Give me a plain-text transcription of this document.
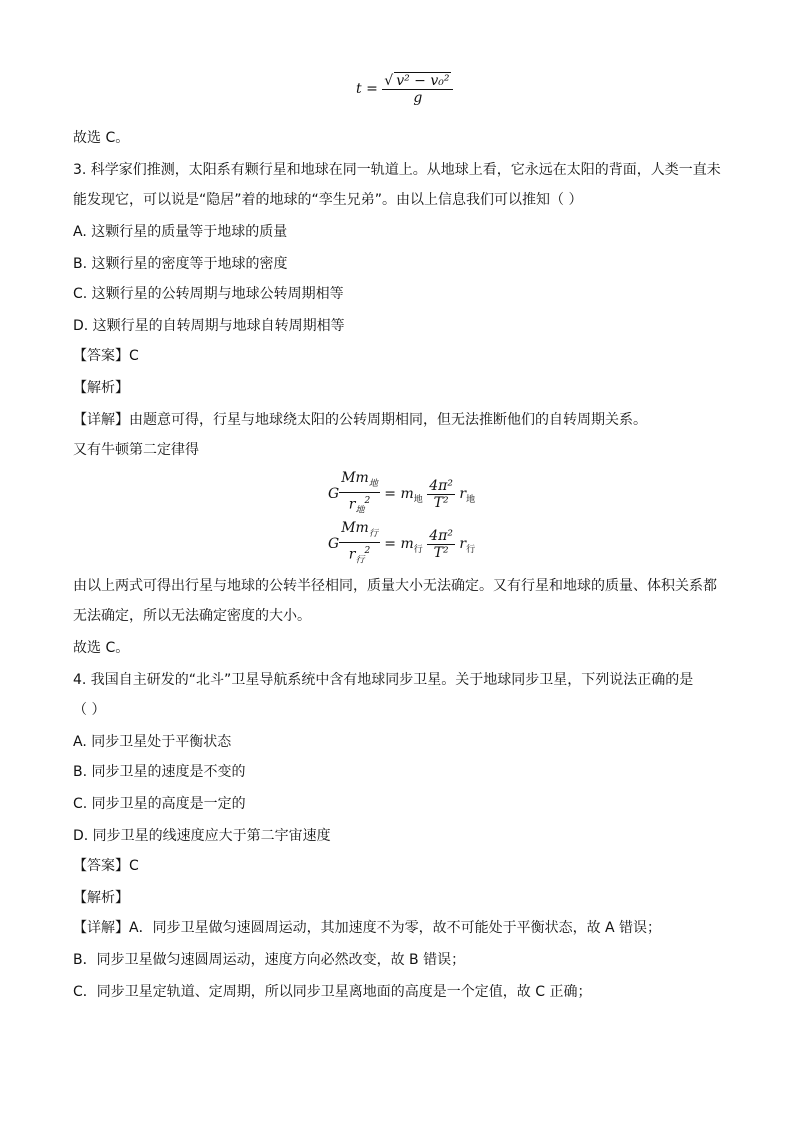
$t = \frac{\text{√ v² − v₀²}}{g}$
故选 C。
3. 科学家们推测，太阳系有颗行星和地球在同一轨道上。从地球上看，它永远在太阳的背面，人类一直未
能发现它，可以说是“隐居”着的地球的“孪生兄弟”。由以上信息我们可以推知（ ）
A. 这颗行星的质量等于地球的质量
B. 这颗行星的密度等于地球的密度
C. 这颗行星的公转周期与地球公转周期相等
D. 这颗行星的自转周期与地球自转周期相等
【答案】C
【解析】
【详解】由题意可得，行星与地球绕太阳的公转周期相同，但无法推断他们的自转周期关系。
又有牛顿第二定律得
G $\frac{Mm_地}{r_地^2} = m_地 \frac{\text{4π²}}{\text{T²}} r_地$
G $\frac{Mm_行}{r_行^2} = m_行 \frac{\text{4π²}}{\text{T²}} r_行$
由以上两式可得出行星与地球的公转半径相同，质量大小无法确定。又有行星和地球的质量、体积关系都
无法确定，所以无法确定密度的大小。
故选 C。
4. 我国自主研发的“北斗”卫星导航系统中含有地球同步卫星。关于地球同步卫星，下列说法正确的是
（ ）
A. 同步卫星处于平衡状态
B. 同步卫星的速度是不变的
C. 同步卫星的高度是一定的
D. 同步卫星的线速度应大于第二宇宙速度
【答案】C
【解析】
【详解】A．同步卫星做匀速圆周运动，其加速度不为零，故不可能处于平衡状态，故 A 错误；
B．同步卫星做匀速圆周运动，速度方向必然改变，故 B 错误；
C．同步卫星定轨道、定周期，所以同步卫星离地面的高度是一个定值，故 C 正确；
